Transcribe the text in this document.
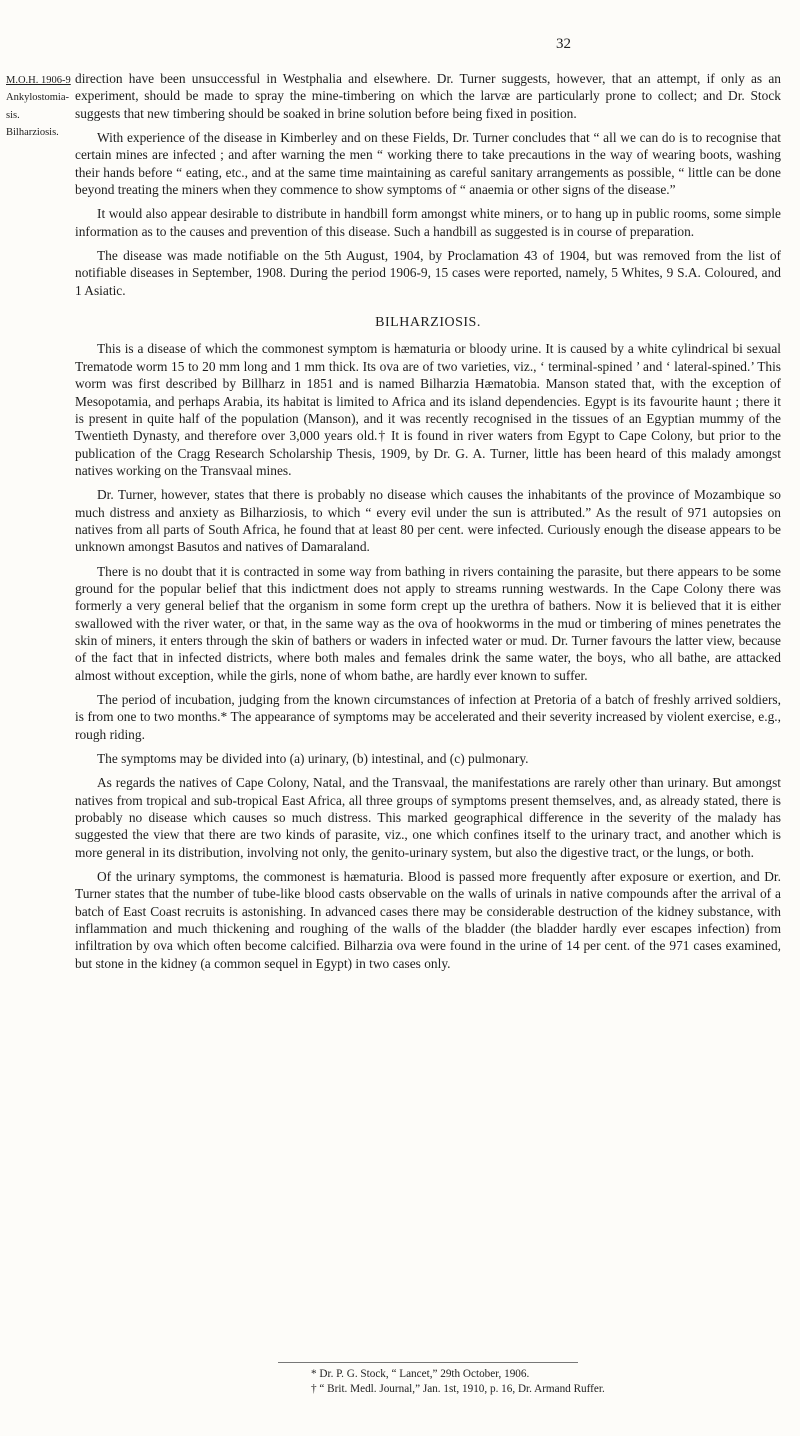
32
M.O.H. 1906-9
Ankylostomia-
sis.
Bilharziosis.

direction have been unsuccessful in Westphalia and elsewhere. Dr. Turner suggests, however, that an attempt, if only as an experiment, should be made to spray the mine-timbering on which the larvæ are particularly prone to collect; and Dr. Stock suggests that new timbering should be soaked in brine solution before being fixed in position.

With experience of the disease in Kimberley and on these Fields, Dr. Turner concludes that “ all we can do is to recognise that certain mines are infected ; and after warning the men “ working there to take precautions in the way of wearing boots, washing their hands before “ eating, etc., and at the same time maintaining as careful sanitary arrangements as possible, “ little can be done beyond treating the miners when they commence to show symptoms of “ anaemia or other signs of the disease.”

It would also appear desirable to distribute in handbill form amongst white miners, or to hang up in public rooms, some simple information as to the causes and prevention of this disease. Such a handbill as suggested is in course of preparation.

The disease was made notifiable on the 5th August, 1904, by Proclamation 43 of 1904, but was removed from the list of notifiable diseases in September, 1908. During the period 1906-9, 15 cases were reported, namely, 5 Whites, 9 S.A. Coloured, and 1 Asiatic.

BILHARZIOSIS.

This is a disease of which the commonest symptom is hæmaturia or bloody urine. It is caused by a white cylindrical bi sexual Trematode worm 15 to 20 mm long and 1 mm thick. Its ova are of two varieties, viz., ‘ terminal-spined ’ and ‘ lateral-spined.’ This worm was first described by Billharz in 1851 and is named Bilharzia Hæmatobia. Manson stated that, with the exception of Mesopotamia, and perhaps Arabia, its habitat is limited to Africa and its island dependencies. Egypt is its favourite haunt ; there it is present in quite half of the population (Manson), and it was recently recognised in the tissues of an Egyptian mummy of the Twentieth Dynasty, and therefore over 3,000 years old.† It is found in river waters from Egypt to Cape Colony, but prior to the publication of the Cragg Research Scholarship Thesis, 1909, by Dr. G. A. Turner, little has been heard of this malady amongst natives working on the Transvaal mines.

Dr. Turner, however, states that there is probably no disease which causes the inhabitants of the province of Mozambique so much distress and anxiety as Bilharziosis, to which “ every evil under the sun is attributed.” As the result of 971 autopsies on natives from all parts of South Africa, he found that at least 80 per cent. were infected. Curiously enough the disease appears to be unknown amongst Basutos and natives of Damaraland.

There is no doubt that it is contracted in some way from bathing in rivers containing the parasite, but there appears to be some ground for the popular belief that this indictment does not apply to streams running westwards. In the Cape Colony there was formerly a very general belief that the organism in some form crept up the urethra of bathers. Now it is believed that it is either swallowed with the river water, or that, in the same way as the ova of hookworms in the mud or timbering of mines penetrates the skin of miners, it enters through the skin of bathers or waders in infected water or mud. Dr. Turner favours the latter view, because of the fact that in infected districts, where both males and females drink the same water, the boys, who all bathe, are attacked almost without exception, while the girls, none of whom bathe, are hardly ever known to suffer.

The period of incubation, judging from the known circumstances of infection at Pretoria of a batch of freshly arrived soldiers, is from one to two months.* The appearance of symptoms may be accelerated and their severity increased by violent exercise, e.g., rough riding.

The symptoms may be divided into (a) urinary, (b) intestinal, and (c) pulmonary.

As regards the natives of Cape Colony, Natal, and the Transvaal, the manifestations are rarely other than urinary. But amongst natives from tropical and sub-tropical East Africa, all three groups of symptoms present themselves, and, as already stated, there is probably no disease which causes so much distress. This marked geographical difference in the severity of the malady has suggested the view that there are two kinds of parasite, viz., one which confines itself to the urinary tract, and another which is more general in its distribution, involving not only, the genito-urinary system, but also the digestive tract, or the lungs, or both.

Of the urinary symptoms, the commonest is hæmaturia. Blood is passed more frequently after exposure or exertion, and Dr. Turner states that the number of tube-like blood casts observable on the walls of urinals in native compounds after the arrival of a batch of East Coast recruits is astonishing. In advanced cases there may be considerable destruction of the kidney substance, with inflammation and much thickening and roughing of the walls of the bladder (the bladder hardly ever escapes infection) from infiltration by ova which often become calcified. Bilharzia ova were found in the urine of 14 per cent. of the 971 cases examined, but stone in the kidney (a common sequel in Egypt) in two cases only.

* Dr. P. G. Stock, “ Lancet,” 29th October, 1906.
† “ Brit. Medl. Journal,” Jan. 1st, 1910, p. 16, Dr. Armand Ruffer.
